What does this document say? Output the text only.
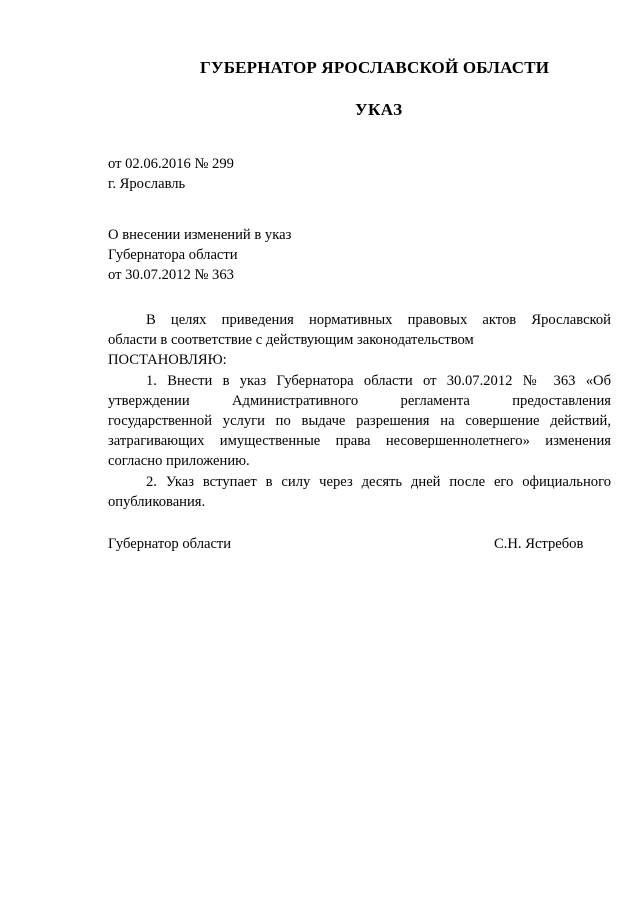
ГУБЕРНАТОР ЯРОСЛАВСКОЙ ОБЛАСТИ
УКАЗ
от 02.06.2016 № 299
г. Ярославль
О внесении изменений в указ
Губернатора области
от 30.07.2012 № 363

В целях приведения нормативных правовых актов Ярославской

области в соответствие с действующим законодательством

ПОСТАНОВЛЯЮ:

1. Внести в указ Губернатора области от 30.07.2012 № 363 «Об

утверждении Административного регламента предоставления

государственной услуги по выдаче разрешения на совершение действий,

затрагивающих имущественные права несовершеннолетнего» изменения

согласно приложению.

2. Указ вступает в силу через десять дней после его официального

опубликования.

Губернатор области	С.Н. Ястребов
